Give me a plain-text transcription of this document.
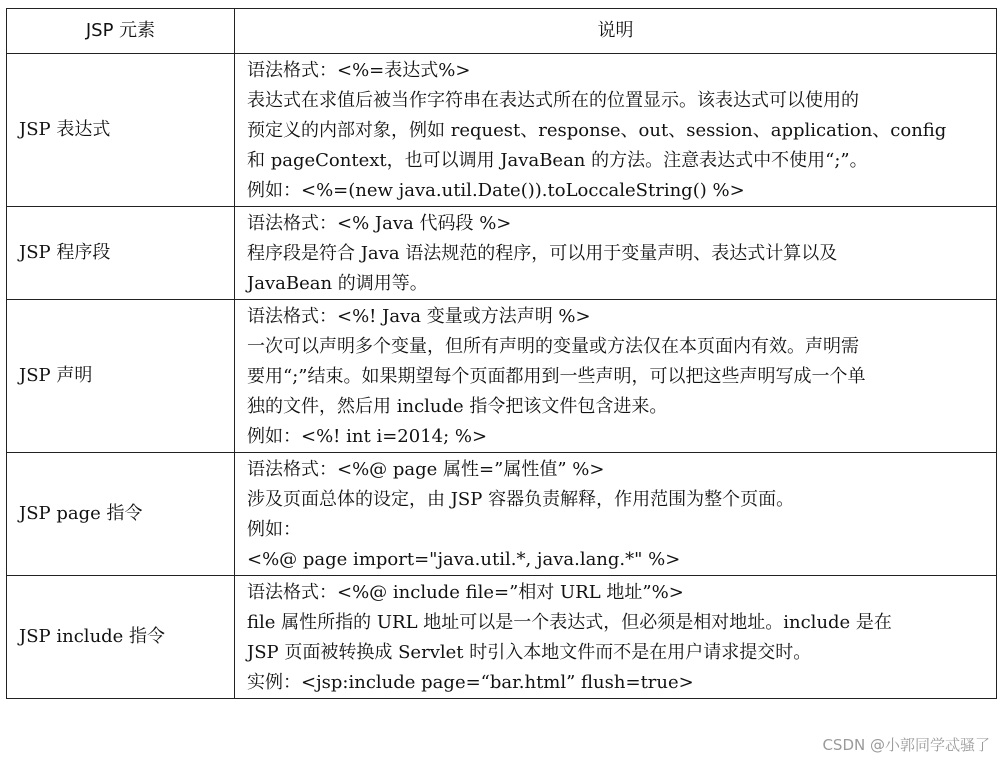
JSP 元素	说明
JSP 表达式	语法格式：<%=表达式%>
表达式在求值后被当作字符串在表达式所在的位置显示。该表达式可以使用的
预定义的内部对象，例如 request、response、out、session、application、config
和 pageContext，也可以调用 JavaBean 的方法。注意表达式中不使用“;”。
例如：<%=(new java.util.Date()).toLoccaleString() %>

JSP 程序段	语法格式：<% Java 代码段 %>
程序段是符合 Java 语法规范的程序，可以用于变量声明、表达式计算以及
JavaBean 的调用等。

JSP 声明	语法格式：<%! Java 变量或方法声明 %>
一次可以声明多个变量，但所有声明的变量或方法仅在本页面内有效。声明需
要用“;”结束。如果期望每个页面都用到一些声明，可以把这些声明写成一个单
独的文件，然后用 include 指令把该文件包含进来。
例如：<%! int i=2014; %>

JSP page 指令	语法格式：<%@ page 属性=”属性值” %>
涉及页面总体的设定，由 JSP 容器负责解释，作用范围为整个页面。
例如：
<%@ page import="java.util.*, java.lang.*" %>

JSP include 指令	语法格式：<%@ include file=”相对 URL 地址”%>
file 属性所指的 URL 地址可以是一个表达式，但必须是相对地址。include 是在
JSP 页面被转换成 Servlet 时引入本地文件而不是在用户请求提交时。
实例：<jsp:include page=“bar.html” flush=true>
CSDN @小郭同学忒骚了
